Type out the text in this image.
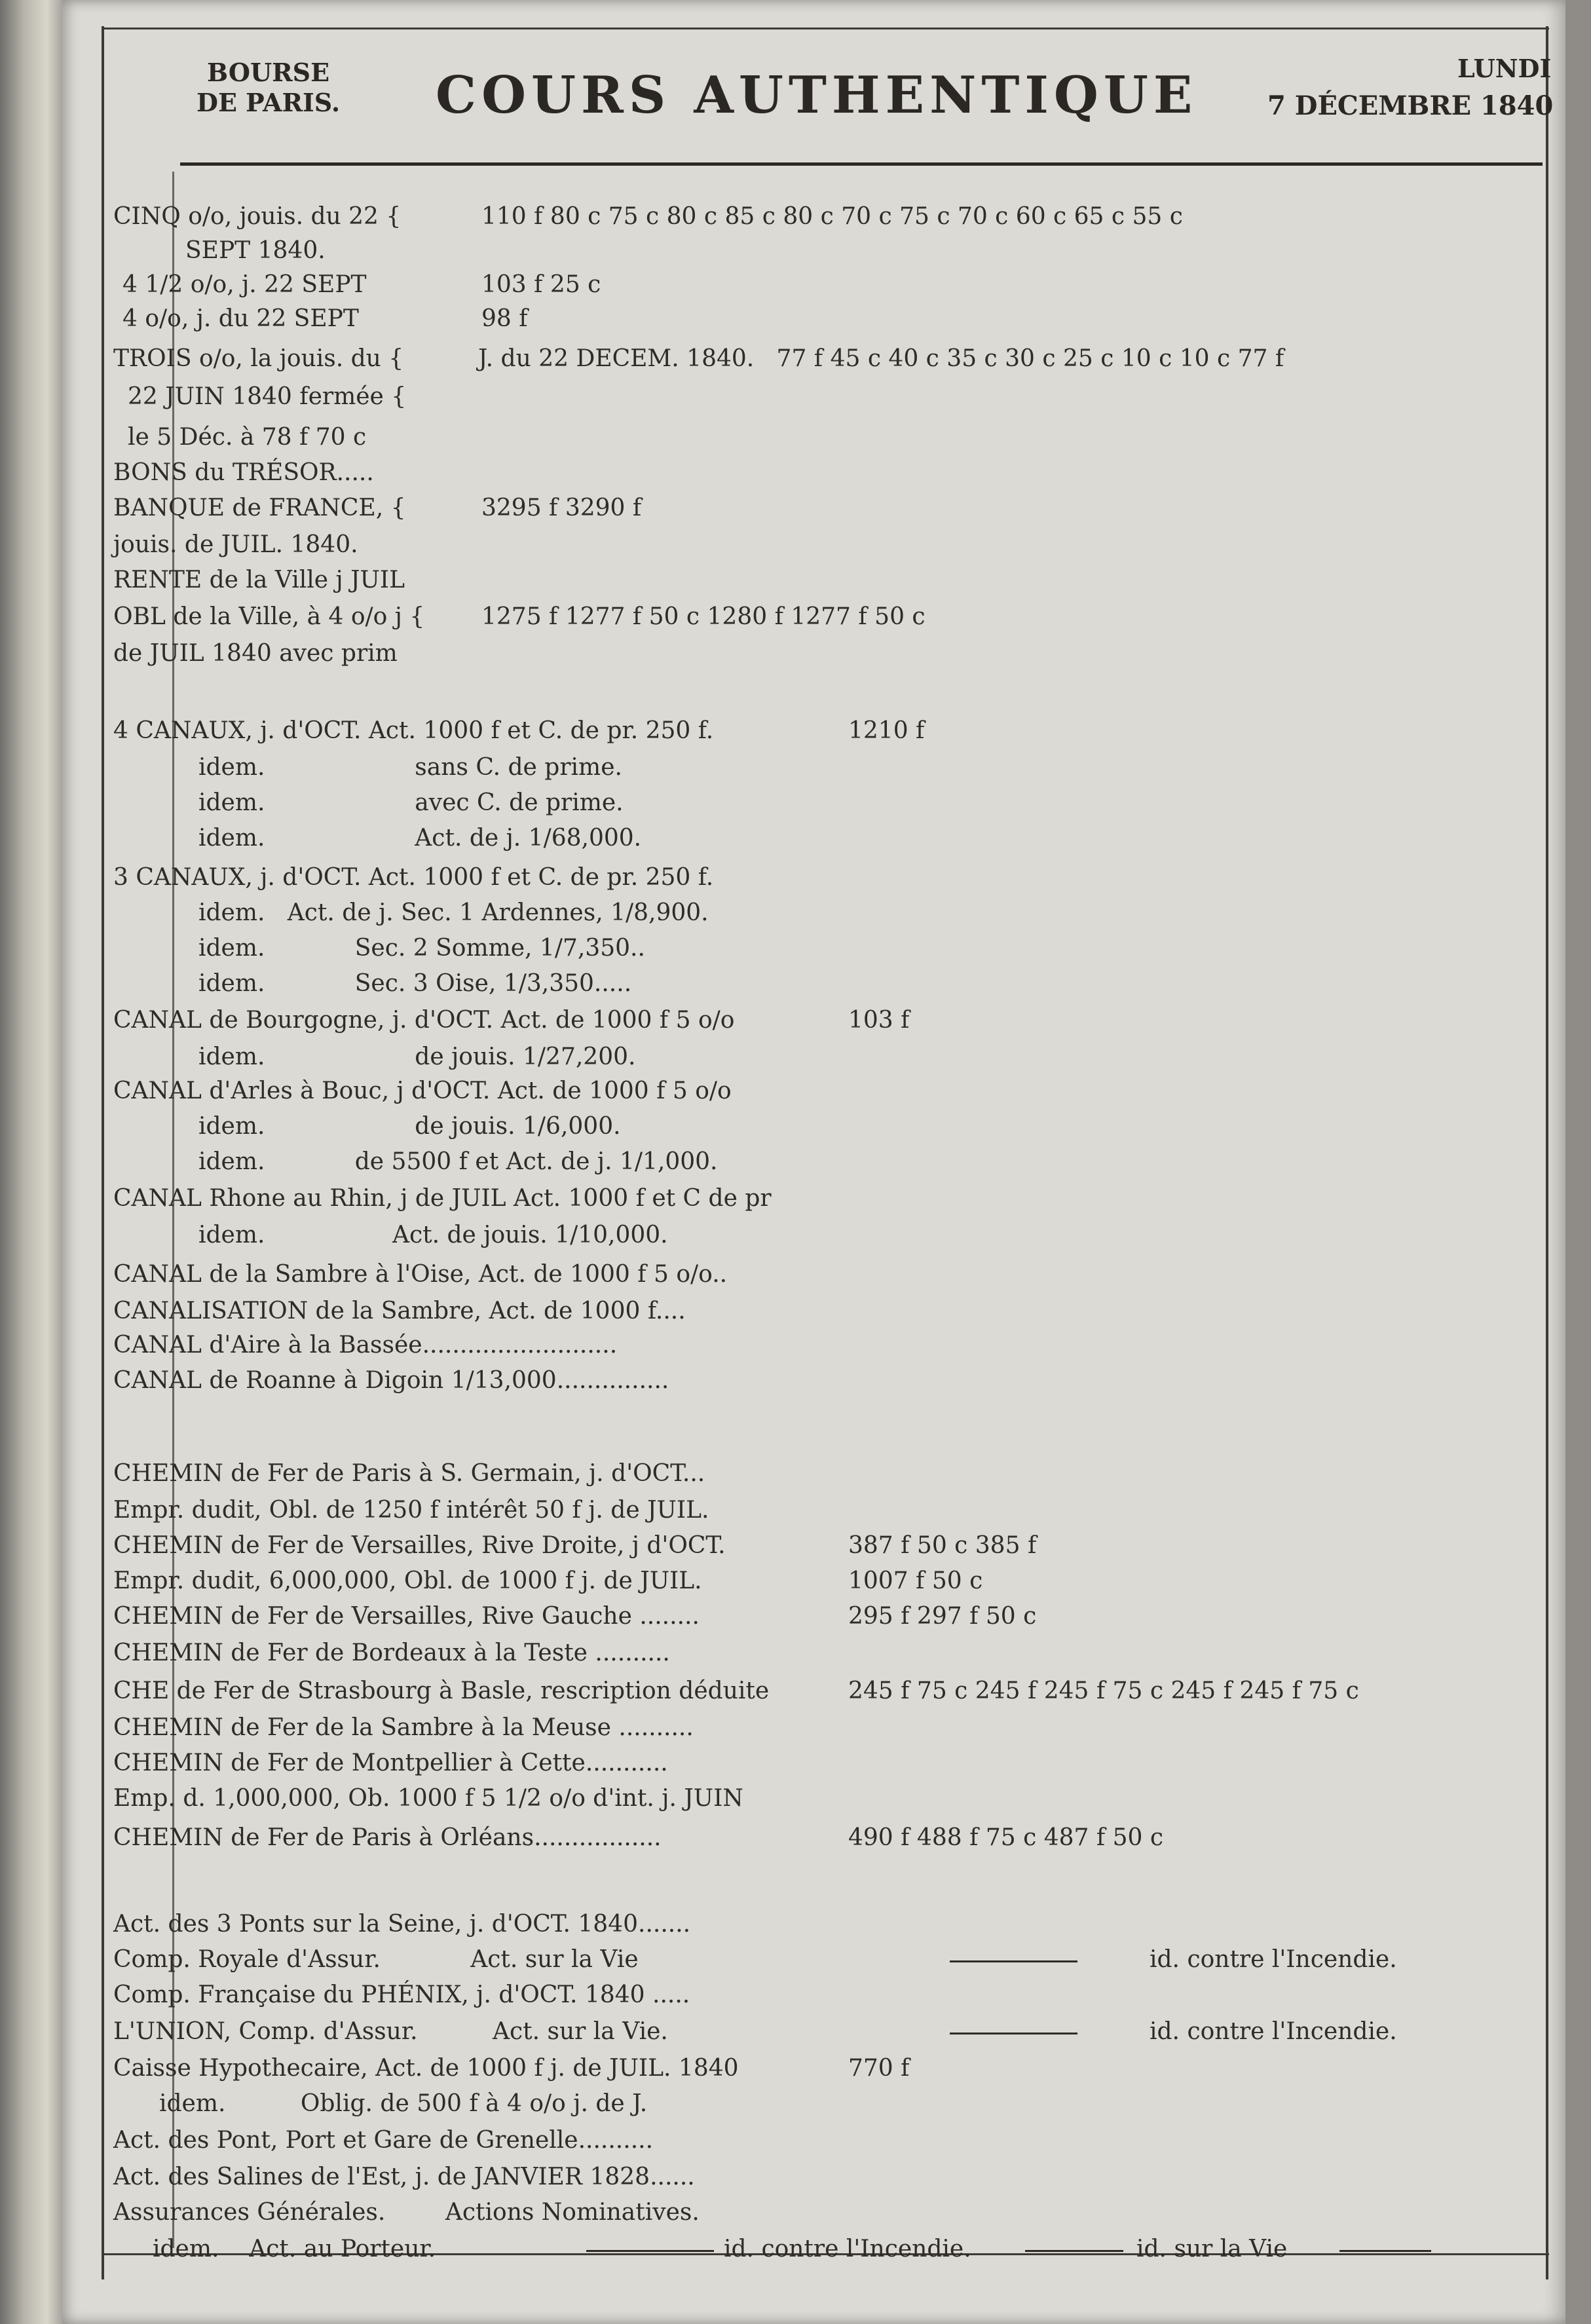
BOURSE
DE PARIS. COURS AUTHENTIQUE	LUNDI
7 DÉCEMBRE 1840
CINQ o/o, jouis. du 22 {	110 f 80 c 75 c 80 c 85 c 80 c 70 c 75 c 70 c 60 c 65 c 55 c
SEPT 1840.
4 1/2 o/o, j. 22 SEPT	103 f 25 c
4 o/o, j. du 22 SEPT	98 f
TROIS o/o, la jouis. du {	J. du 22 DECEM. 1840.   77 f 45 c 40 c 35 c 30 c 25 c 10 c 10 c 77 f
22 JUIN 1840 fermée {
le 5 Déc. à 78 f 70 c
BONS du TRÉSOR.....
BANQUE de FRANCE, {	3295 f 3290 f
jouis. de JUIL. 1840.
RENTE de la Ville j JUIL
OBL de la Ville, à 4 o/o j { 1275 f 1277 f 50 c 1280 f 1277 f 50 c
de JUIL 1840 avec prim
4 CANAUX, j. d'OCT. Act. 1000 f et C. de pr. 250 f.	1210 f
idem.                    sans C. de prime.
idem.                    avec C. de prime.
idem.                    Act. de j. 1/68,000.
3 CANAUX, j. d'OCT. Act. 1000 f et C. de pr. 250 f.
idem.   Act. de j. Sec. 1 Ardennes, 1/8,900.
idem.            Sec. 2 Somme, 1/7,350..
idem.            Sec. 3 Oise, 1/3,350.....
CANAL de Bourgogne, j. d'OCT. Act. de 1000 f 5 o/o	103 f
idem.                    de jouis. 1/27,200.
CANAL d'Arles à Bouc, j d'OCT. Act. de 1000 f 5 o/o
idem.                    de jouis. 1/6,000.
idem.            de 5500 f et Act. de j. 1/1,000.
CANAL Rhone au Rhin, j de JUIL Act. 1000 f et C de pr
idem.                 Act. de jouis. 1/10,000.
CANAL de la Sambre à l'Oise, Act. de 1000 f 5 o/o..
CANALISATION de la Sambre, Act. de 1000 f....
CANAL d'Aire à la Bassée..........................
CANAL de Roanne à Digoin 1/13,000...............
CHEMIN de Fer de Paris à S. Germain, j. d'OCT...
Empr. dudit, Obl. de 1250 f intérêt 50 f j. de JUIL.
CHEMIN de Fer de Versailles, Rive Droite, j d'OCT.	387 f 50 c 385 f
Empr. dudit, 6,000,000, Obl. de 1000 f j. de JUIL.	1007 f 50 c
CHEMIN de Fer de Versailles, Rive Gauche ........	295 f 297 f 50 c
CHEMIN de Fer de Bordeaux à la Teste ..........
CHE de Fer de Strasbourg à Basle, rescription déduite	245 f 75 c 245 f 245 f 75 c 245 f 245 f 75 c
CHEMIN de Fer de la Sambre à la Meuse ..........
CHEMIN de Fer de Montpellier à Cette...........
Emp. d. 1,000,000, Ob. 1000 f 5 1/2 o/o d'int. j. JUIN
CHEMIN de Fer de Paris à Orléans.................	490 f 488 f 75 c 487 f 50 c
Act. des 3 Ponts sur la Seine, j. d'OCT. 1840.......
Comp. Royale d'Assur.            Act. sur la Vie	id. contre l'Incendie.
Comp. Française du PHÉNIX, j. d'OCT. 1840 .....
L'UNION, Comp. d'Assur.          Act. sur la Vie.	id. contre l'Incendie.
Caisse Hypothecaire, Act. de 1000 f j. de JUIL. 1840	770 f
idem.          Oblig. de 500 f à 4 o/o j. de J.
Act. des Pont, Port et Gare de Grenelle..........
Act. des Salines de l'Est, j. de JANVIER 1828......
Assurances Générales.        Actions Nominatives.
idem.    Act. au Porteur.	id. contre l'Incendie.	id. sur la Vie
